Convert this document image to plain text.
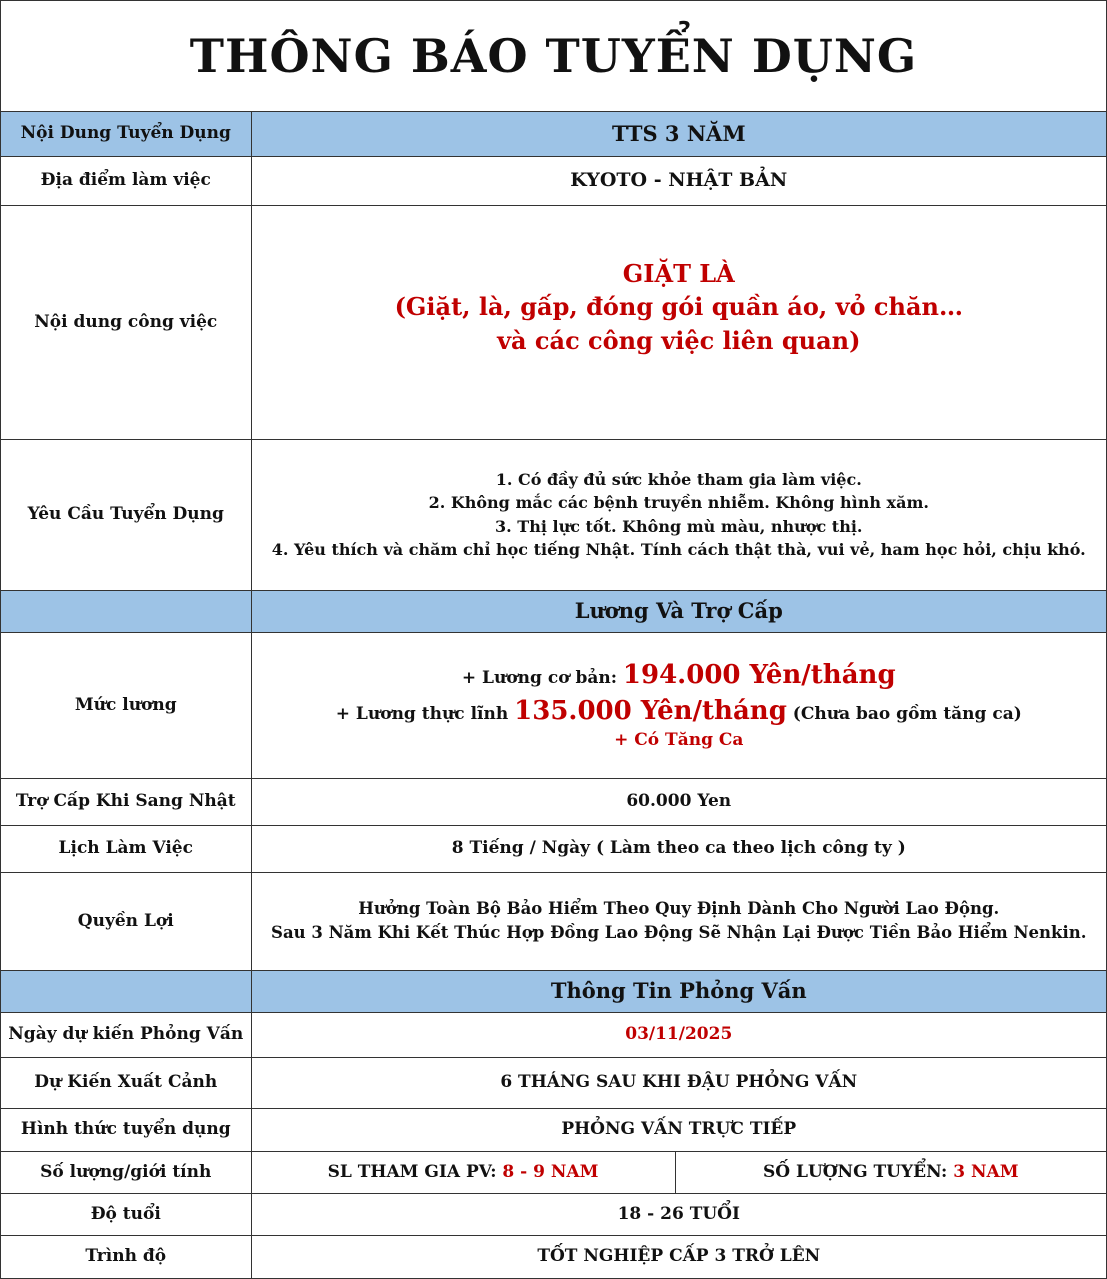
THÔNG BÁO TUYỂN DỤNG
Nội Dung Tuyển Dụng	TTS 3 NĂM	
Địa điểm làm việc	KYOTO - NHẬT BẢN	
Nội dung công việc	GIẶT LÀ
(Giặt, là, gấp, đóng gói quần áo, vỏ chăn…
và các công việc liên quan)	

Yêu Cầu Tuyển Dụng	1. Có đầy đủ sức khỏe tham gia làm việc.
2. Không mắc các bệnh truyền nhiễm. Không hình xăm.
3. Thị lực tốt. Không mù màu, nhược thị.
4. Yêu thích và chăm chỉ học tiếng Nhật. Tính cách thật thà, vui vẻ, ham học hỏi, chịu khó.	

	Lương Và Trợ Cấp	
Mức lương	+ Lương cơ bản: 194.000 Yên/tháng
+ Lương thực lĩnh 135.000 Yên/tháng (Chưa bao gồm tăng ca)
+ Có Tăng Ca	

Trợ Cấp Khi Sang Nhật	60.000 Yen	
Lịch Làm Việc	8 Tiếng / Ngày ( Làm theo ca theo lịch công ty )	
Quyền Lợi	Hưởng Toàn Bộ Bảo Hiểm Theo Quy Định Dành Cho Người Lao Động.
Sau 3 Năm Khi Kết Thúc Hợp Đồng Lao Động Sẽ Nhận Lại Được Tiền Bảo Hiểm Nenkin.	

	Thông Tin Phỏng Vấn	
Ngày dự kiến Phỏng Vấn	03/11/2025	
Dự Kiến Xuất Cảnh	6 THÁNG SAU KHI ĐẬU PHỎNG VẤN	
Hình thức tuyển dụng	PHỎNG VẤN TRỰC TIẾP	
Số lượng/giới tính	SL THAM GIA PV: 8 - 9 NAM	SỐ LƯỢNG TUYỂN: 3 NAM
Độ tuổi	18 - 26 TUỔI	
Trình độ	TỐT NGHIỆP CẤP 3 TRỞ LÊN	
